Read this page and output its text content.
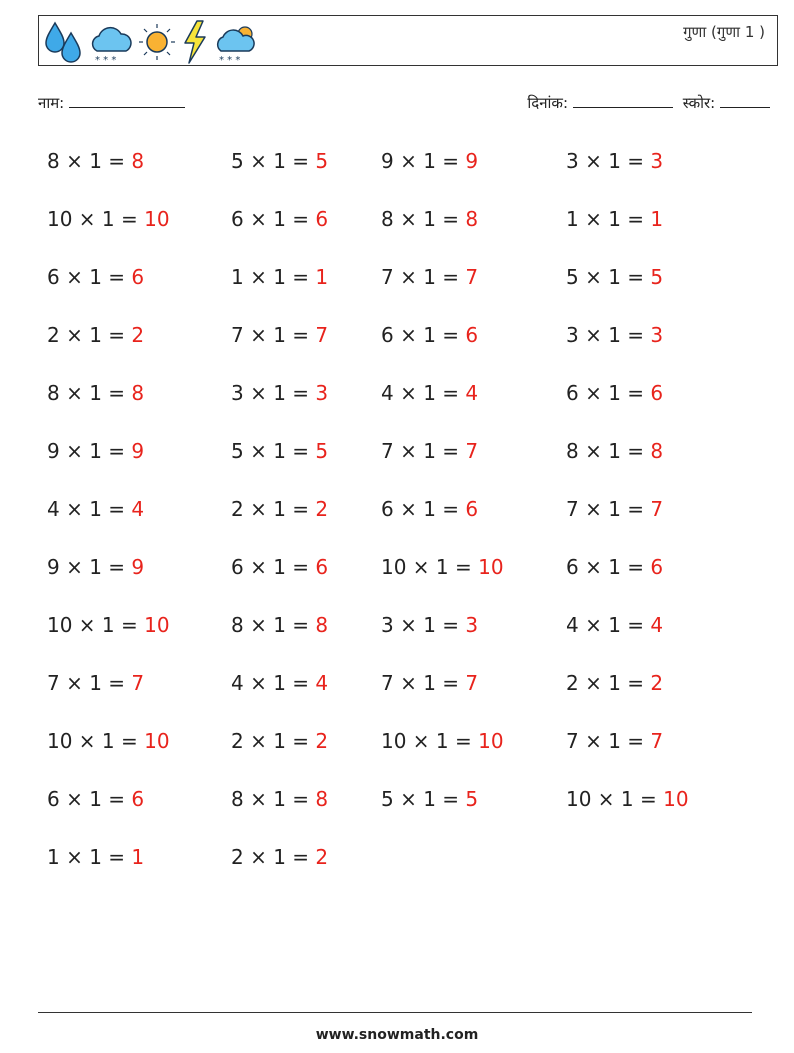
* * *	* * *
गुणा (गुणा 1 )
नाम:	दिनांक:	स्कोर:
8 × 1 = 8	5 × 1 = 5	9 × 1 = 9	3 × 1 = 3
10 × 1 = 10	6 × 1 = 6	8 × 1 = 8	1 × 1 = 1
6 × 1 = 6	1 × 1 = 1	7 × 1 = 7	5 × 1 = 5
2 × 1 = 2	7 × 1 = 7	6 × 1 = 6	3 × 1 = 3
8 × 1 = 8	3 × 1 = 3	4 × 1 = 4	6 × 1 = 6
9 × 1 = 9	5 × 1 = 5	7 × 1 = 7	8 × 1 = 8
4 × 1 = 4	2 × 1 = 2	6 × 1 = 6	7 × 1 = 7
9 × 1 = 9	6 × 1 = 6	10 × 1 = 10	6 × 1 = 6
10 × 1 = 10	8 × 1 = 8	3 × 1 = 3	4 × 1 = 4
7 × 1 = 7	4 × 1 = 4	7 × 1 = 7	2 × 1 = 2
10 × 1 = 10	2 × 1 = 2	10 × 1 = 10	7 × 1 = 7
6 × 1 = 6	8 × 1 = 8	5 × 1 = 5	10 × 1 = 10
1 × 1 = 1	2 × 1 = 2
www.snowmath.com
